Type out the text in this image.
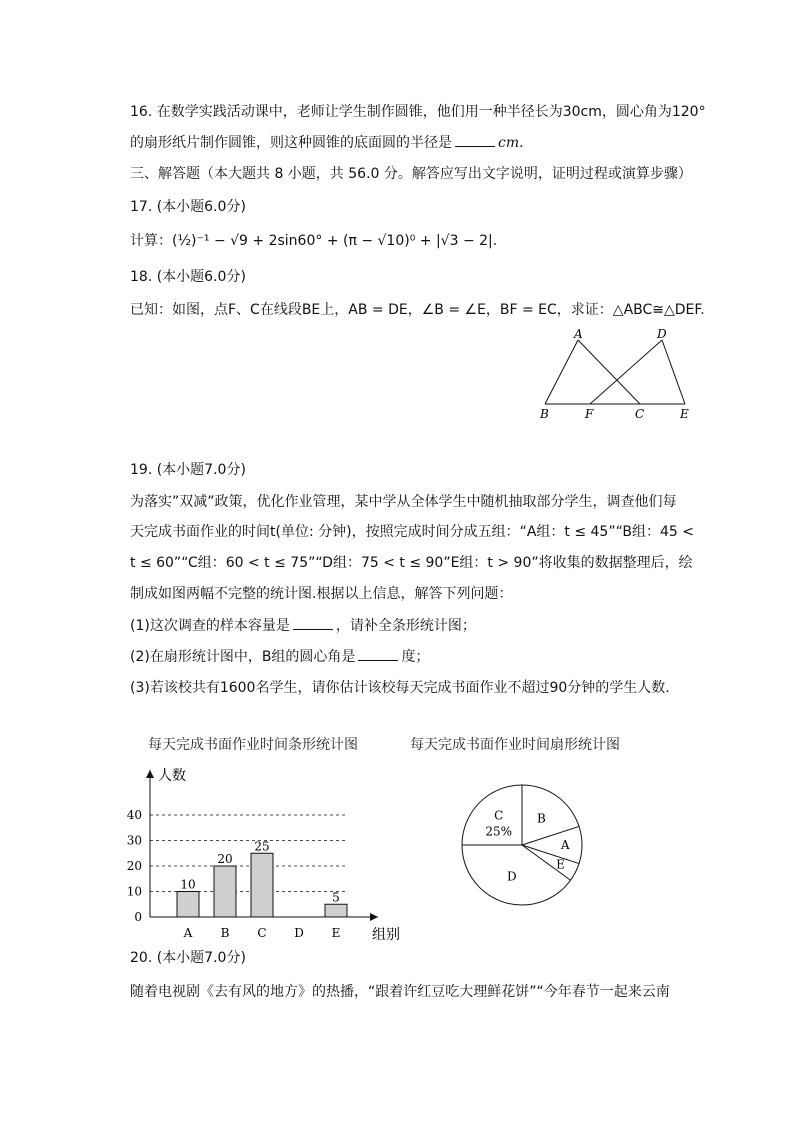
16. 在数学实践活动课中，老师让学生制作圆锥，他们用一种半径长为30cm，圆心角为120°
的扇形纸片制作圆锥，则这种圆锥的底面圆的半径是	cm.
三、解答题（本大题共 8 小题，共 56.0 分。解答应写出文字说明，证明过程或演算步骤）
17. (本小题6.0分)
计算：(½)⁻¹ − √9 + 2sin60° + (π − √10)⁰ + |√3 − 2|.
18. (本小题6.0分)
已知：如图，点F、C在线段BE上，AB = DE，∠B = ∠E，BF = EC，求证：△ABC≅△DEF.
A	D
B	F	C	E
19. (本小题7.0分)
为落实”双减”政策，优化作业管理，某中学从全体学生中随机抽取部分学生，调查他们每
天完成书面作业的时间t(单位: 分钟)，按照完成时间分成五组：“A组：t ≤ 45”“B组：45 <
t ≤ 60”“C组：60 < t ≤ 75”“D组：75 < t ≤ 90”E组：t > 90”将收集的数据整理后，绘
制成如图两幅不完整的统计图.根据以上信息，解答下列问题：
(1)这次调查的样本容量是	，请补全条形统计图；
(2)在扇形统计图中，B组的圆心角是	度；
(3)若该校共有1600名学生，请你估计该校每天完成书面作业不超过90分钟的学生人数.
每天完成书面作业时间条形统计图	每天完成书面作业时间扇形统计图
人数
组别
0
10
20
30
40
A
10
B
20
C
25
D E
5
C
25%
B
A
E
D
20. (本小题7.0分)
随着电视剧《去有风的地方》的热播，“跟着许红豆吃大理鲜花饼”“今年春节一起来云南
